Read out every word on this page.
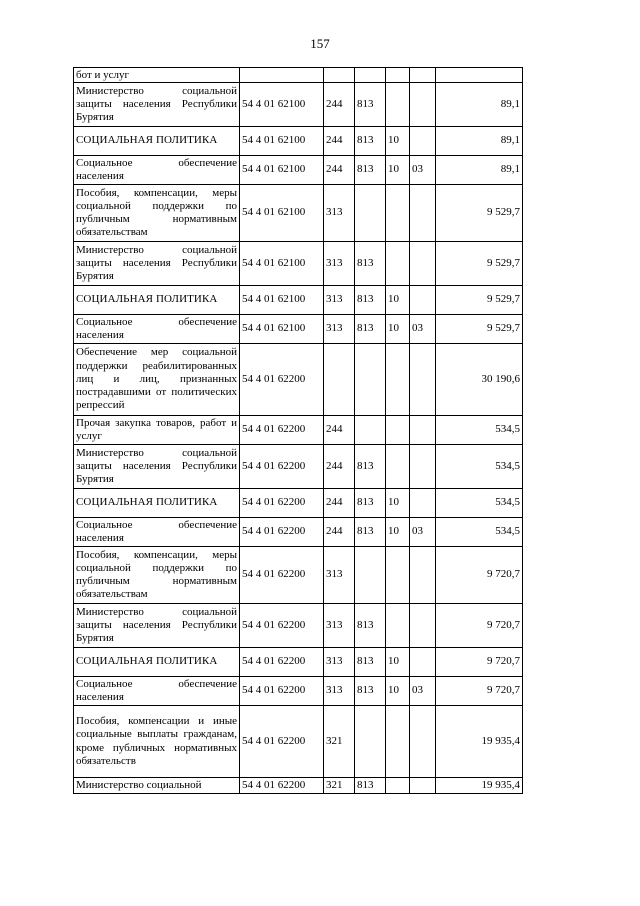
157
бот и услуг						
Министерство социальной защиты населения Республики Бурятия	54 4 01 62100	244	813			89,1
СОЦИАЛЬНАЯ ПОЛИТИКА	54 4 01 62100	244	813	10		89,1
Социальное обеспечение населения	54 4 01 62100	244	813	10	03	89,1
Пособия, компенсации, меры социальной поддержки по публичным нормативным обязательствам	54 4 01 62100	313				9 529,7
Министерство социальной защиты населения Республики Бурятия	54 4 01 62100	313	813			9 529,7
СОЦИАЛЬНАЯ ПОЛИТИКА	54 4 01 62100	313	813	10		9 529,7
Социальное обеспечение населения	54 4 01 62100	313	813	10	03	9 529,7
Обеспечение мер социальной поддержки реабилитированных лиц и лиц, признанных пострадавшими от политических репрессий	54 4 01 62200					30 190,6
Прочая закупка товаров, работ и услуг	54 4 01 62200	244				534,5
Министерство социальной защиты населения Республики Бурятия	54 4 01 62200	244	813			534,5
СОЦИАЛЬНАЯ ПОЛИТИКА	54 4 01 62200	244	813	10		534,5
Социальное обеспечение населения	54 4 01 62200	244	813	10	03	534,5
Пособия, компенсации, меры социальной поддержки по публичным нормативным обязательствам	54 4 01 62200	313				9 720,7
Министерство социальной защиты населения Республики Бурятия	54 4 01 62200	313	813			9 720,7
СОЦИАЛЬНАЯ ПОЛИТИКА	54 4 01 62200	313	813	10		9 720,7
Социальное обеспечение населения	54 4 01 62200	313	813	10	03	9 720,7
Пособия, компенсации и иные социальные выплаты гражданам, кроме публичных нормативных обязательств	54 4 01 62200	321				19 935,4
Министерство социальной	54 4 01 62200	321	813			19 935,4
